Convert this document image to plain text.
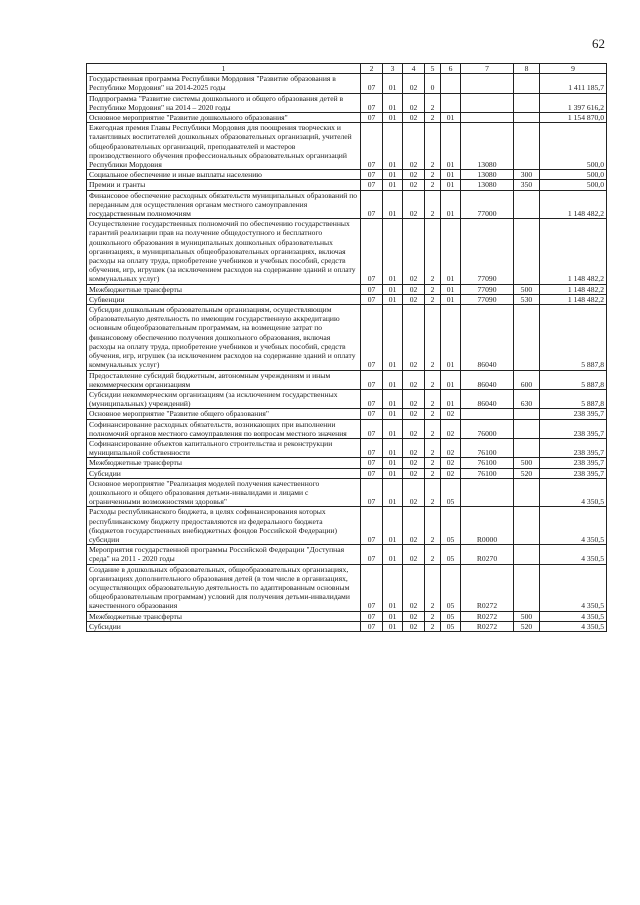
62
1	2	3	4	5	6	7	8	9
Государственная программа Республики Мордовия "Развитие образования в Республике Мордовия" на 2014-2025 годы	07	01	02	0				1 411 185,7
Подпрограмма "Развитие системы дошкольного и общего образования детей в Республике Мордовия" на 2014 – 2020 годы	07	01	02	2				1 397 616,2
Основное мероприятие "Развитие дошкольного образования"	07	01	02	2	01			1 154 870,0
Ежегодная премия Главы Республики Мордовия для поощрения творческих и талантливых воспитателей дошкольных образовательных организаций, учителей общеобразовательных организаций, преподавателей и мастеров производственного обучения профессиональных образовательных организаций Республики Мордовия	07	01	02	2	01	13080		500,0
Социальное обеспечение и иные выплаты населению	07	01	02	2	01	13080	300	500,0
Премии и гранты	07	01	02	2	01	13080	350	500,0
Финансовое обеспечение расходных обязательств муниципальных образований по переданным для осуществления органам местного самоуправления государственным полномочиям	07	01	02	2	01	77000		1 148 482,2
Осуществление государственных полномочий по обеспечению государственных гарантий реализации прав на получение общедоступного и бесплатного дошкольного образования в муниципальных дошкольных образовательных организациях, в муниципальных общеобразовательных организациях, включая расходы на оплату труда, приобретение учебников и учебных пособий, средств обучения, игр, игрушек (за исключением расходов на содержание зданий и оплату коммунальных услуг)	07	01	02	2	01	77090		1 148 482,2
Межбюджетные трансферты	07	01	02	2	01	77090	500	1 148 482,2
Субвенции	07	01	02	2	01	77090	530	1 148 482,2
Субсидии дошкольным образовательным организациям, осуществляющим образовательную деятельность по имеющим государственную аккредитацию основным общеобразовательным программам, на возмещение затрат по финансовому обеспечению получения дошкольного образования, включая расходы на оплату труда, приобретение учебников и учебных пособий, средств обучения, игр, игрушек (за исключением расходов на содержание зданий и оплату коммунальных услуг)	07	01	02	2	01	86040		5 887,8
Предоставление субсидий бюджетным, автономным учреждениям и иным некоммерческим организациям	07	01	02	2	01	86040	600	5 887,8
Субсидии некоммерческим организациям (за исключением государственных (муниципальных) учреждений)	07	01	02	2	01	86040	630	5 887,8
Основное мероприятие "Развитие общего образования"	07	01	02	2	02			238 395,7
Софинансирование расходных обязательств, возникающих при выполнении полномочий органов местного самоуправления по вопросам местного значения	07	01	02	2	02	76000		238 395,7
Софинансирование объектов капитального строительства и реконструкции муниципальной собственности	07	01	02	2	02	76100		238 395,7
Межбюджетные трансферты	07	01	02	2	02	76100	500	238 395,7
Субсидии	07	01	02	2	02	76100	520	238 395,7
Основное мероприятие "Реализация моделей получения качественного дошкольного и общего образования детьми-инвалидами и лицами с ограниченными возможностями здоровья"	07	01	02	2	05			4 350,5
Расходы республиканского бюджета, в целях софинансирования которых республиканскому бюджету предоставляются из федерального бюджета (бюджетов государственных внебюджетных фондов Российской Федерации) субсидии	07	01	02	2	05	R0000		4 350,5
Мероприятия государственной программы Российской Федерации "Доступная среда" на 2011 - 2020 годы	07	01	02	2	05	R0270		4 350,5
Создание в дошкольных образовательных, общеобразовательных организациях, организациях дополнительного образования детей (в том числе в организациях, осуществляющих образовательную деятельность по адаптированным основным общеобразовательным программам) условий для получения детьми-инвалидами качественного образования	07	01	02	2	05	R0272		4 350,5
Межбюджетные трансферты	07	01	02	2	05	R0272	500	4 350,5
Субсидии	07	01	02	2	05	R0272	520	4 350,5
